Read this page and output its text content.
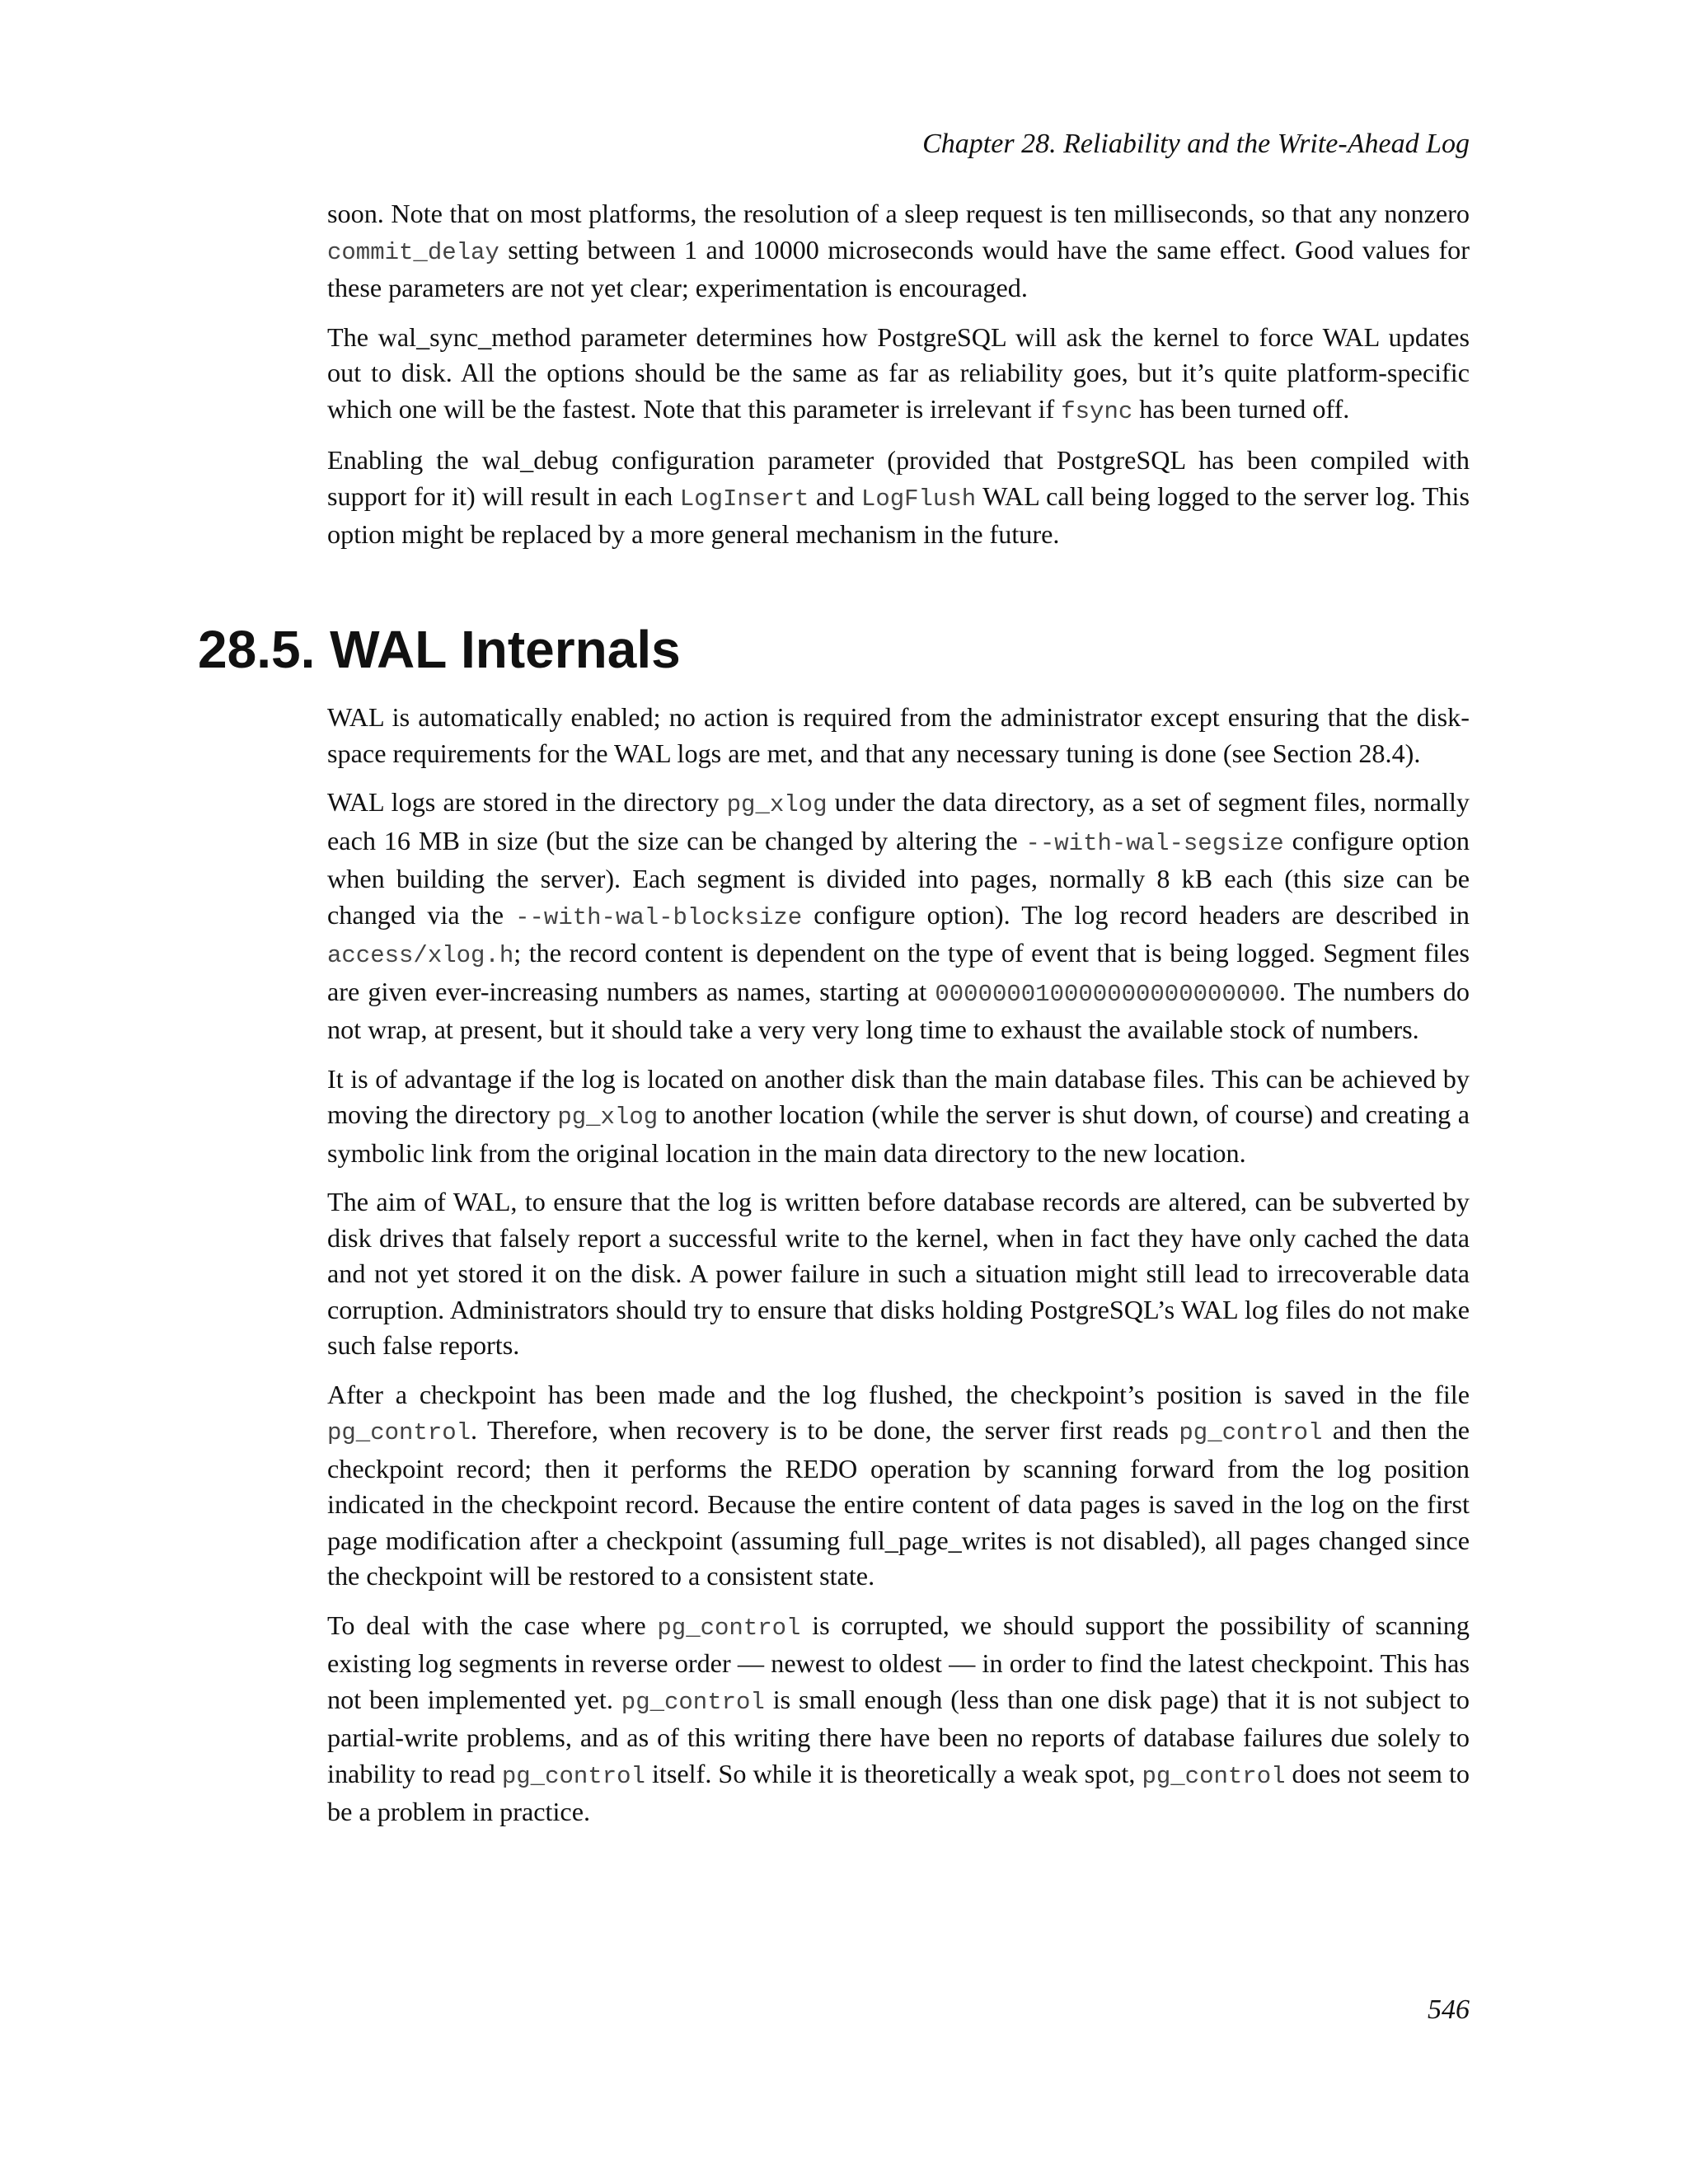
Chapter 28. Reliability and the Write-Ahead Log

soon. Note that on most platforms, the resolution of a sleep request is ten milliseconds, so that any nonzero commit_delay setting between 1 and 10000 microseconds would have the same effect. Good values for these parameters are not yet clear; experimentation is encouraged.

The wal_sync_method parameter determines how PostgreSQL will ask the kernel to force WAL updates out to disk. All the options should be the same as far as reliability goes, but it’s quite platform-specific which one will be the fastest. Note that this parameter is irrelevant if fsync has been turned off.

Enabling the wal_debug configuration parameter (provided that PostgreSQL has been compiled with support for it) will result in each LogInsert and LogFlush WAL call being logged to the server log. This option might be replaced by a more general mechanism in the future.

28.5. WAL Internals

WAL is automatically enabled; no action is required from the administrator except ensuring that the disk-space requirements for the WAL logs are met, and that any necessary tuning is done (see Section 28.4).

WAL logs are stored in the directory pg_xlog under the data directory, as a set of segment files, normally each 16 MB in size (but the size can be changed by altering the --with-wal-segsize configure option when building the server). Each segment is divided into pages, normally 8 kB each (this size can be changed via the --with-wal-blocksize configure option). The log record headers are described in access/xlog.h; the record content is dependent on the type of event that is being logged. Segment files are given ever-increasing numbers as names, starting at 000000010000000000000000. The numbers do not wrap, at present, but it should take a very very long time to exhaust the available stock of numbers.

It is of advantage if the log is located on another disk than the main database files. This can be achieved by moving the directory pg_xlog to another location (while the server is shut down, of course) and creating a symbolic link from the original location in the main data directory to the new location.

The aim of WAL, to ensure that the log is written before database records are altered, can be subverted by disk drives that falsely report a successful write to the kernel, when in fact they have only cached the data and not yet stored it on the disk. A power failure in such a situation might still lead to irrecoverable data corruption. Administrators should try to ensure that disks holding PostgreSQL’s WAL log files do not make such false reports.

After a checkpoint has been made and the log flushed, the checkpoint’s position is saved in the file pg_control. Therefore, when recovery is to be done, the server first reads pg_control and then the checkpoint record; then it performs the REDO operation by scanning forward from the log position indicated in the checkpoint record. Because the entire content of data pages is saved in the log on the first page modification after a checkpoint (assuming full_page_writes is not disabled), all pages changed since the checkpoint will be restored to a consistent state.

To deal with the case where pg_control is corrupted, we should support the possibility of scanning existing log segments in reverse order — newest to oldest — in order to find the latest checkpoint. This has not been implemented yet. pg_control is small enough (less than one disk page) that it is not subject to partial-write problems, and as of this writing there have been no reports of database failures due solely to inability to read pg_control itself. So while it is theoretically a weak spot, pg_control does not seem to be a problem in practice.

546
